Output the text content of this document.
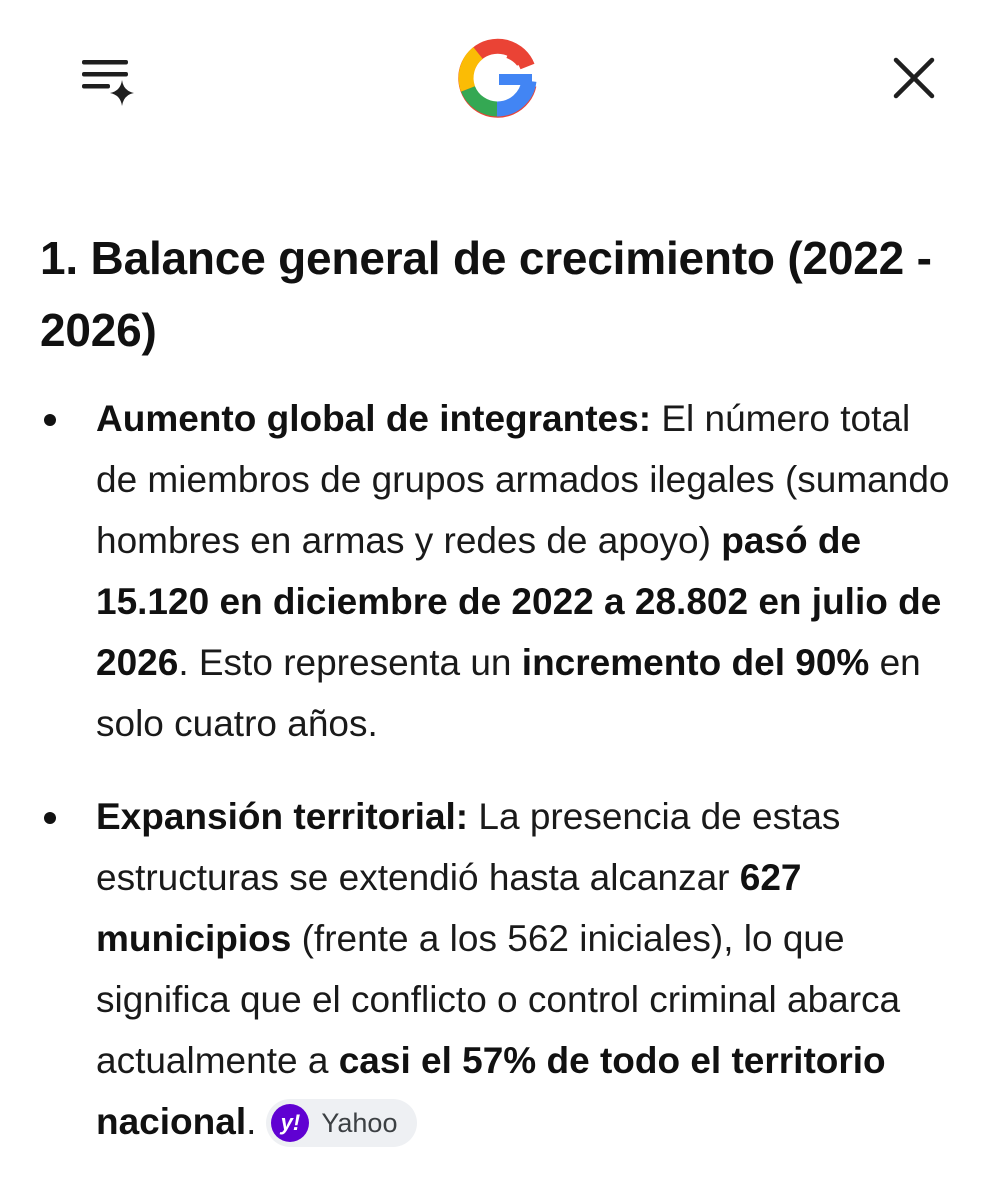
1. Balance general de crecimiento (2022 - 2026)
Aumento global de integrantes: El número total de miembros de grupos armados ilegales (sumando hombres en armas y redes de apoyo) pasó de 15.120 en diciembre de 2022 a 28.802 en julio de 2026. Esto representa un incremento del 90% en solo cuatro años.
Expansión territorial: La presencia de estas estructuras se extendió hasta alcanzar 627 municipios (frente a los 562 iniciales), lo que significa que el conflicto o control criminal abarca actualmente a casi el 57% de todo el territorio nacional.	y! Yahoo
